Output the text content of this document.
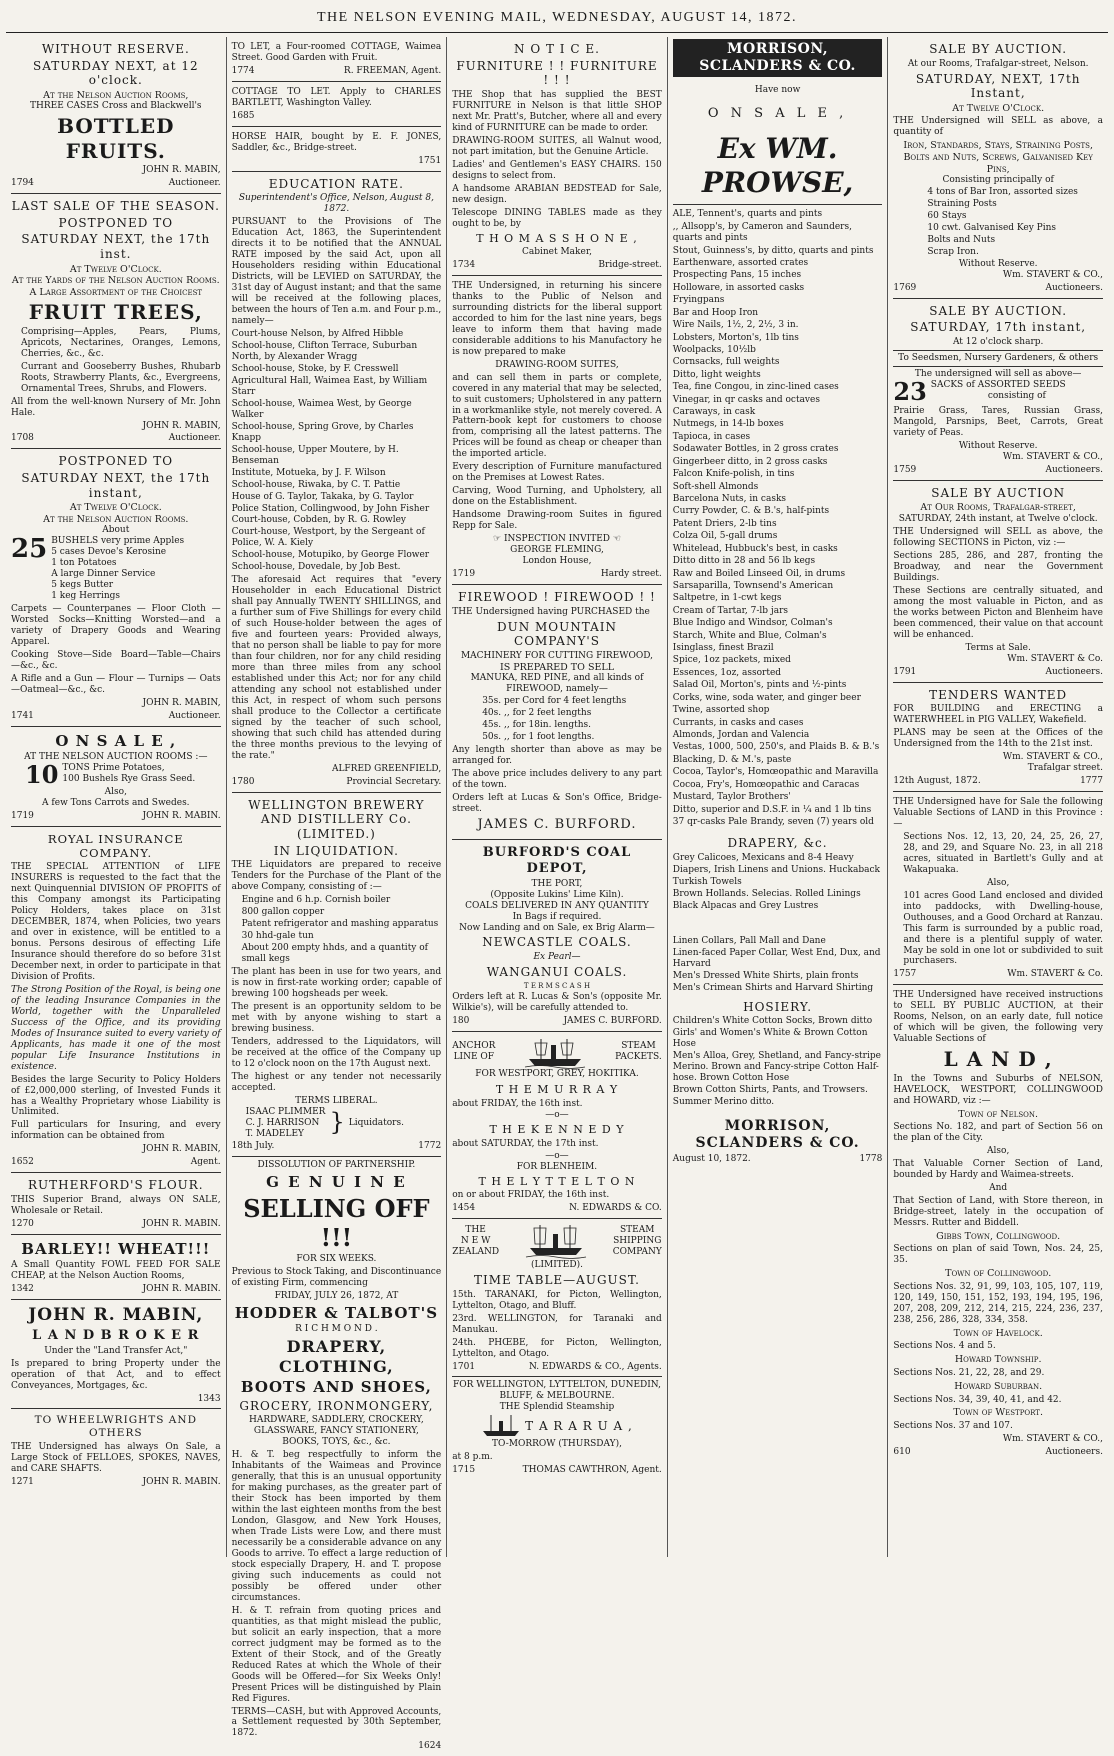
THE NELSON EVENING MAIL, WEDNESDAY, AUGUST 14, 1872.
WITHOUT RESERVE.
SATURDAY NEXT, at 12 o'clock.
At the Nelson Auction Rooms,
THREE CASES Cross and Blackwell's
BOTTLED FRUITS.
JOHN R. MABIN,
1794	Auctioneer.
LAST SALE OF THE SEASON.
POSTPONED TO
SATURDAY NEXT, the 17th inst.
At Twelve O'Clock.
At the Yards of the Nelson Auction Rooms.
A Large Assortment of the Choicest
FRUIT TREES,
Comprising—Apples, Pears, Plums, Apricots, Nectarines, Oranges, Lemons, Cherries, &c., &c.
Currant and Gooseberry Bushes, Rhubarb Roots, Strawberry Plants, &c., Evergreens, Ornamental Trees, Shrubs, and Flowers.
All from the well-known Nursery of Mr. John Hale.
JOHN R. MABIN,
1708	Auctioneer.
POSTPONED TO
SATURDAY NEXT, the 17th instant,
At Twelve O'Clock.
At the Nelson Auction Rooms.
About
25 BUSHELS very prime Apples
5 cases Devoe's Kerosine
1 ton Potatoes
A large Dinner Service
5 kegs Butter
1 keg Herrings
Carpets — Counterpanes — Floor Cloth — Worsted Socks—Knitting Worsted—and a variety of Drapery Goods and Wearing Apparel.
Cooking Stove—Side Board—Table—Chairs —&c., &c.
A Rifle and a Gun — Flour — Turnips — Oats—Oatmeal—&c., &c.
JOHN R. MABIN,
1741	Auctioneer.
O N S A L E ,
AT THE NELSON AUCTION ROOMS :—
10 TONS Prime Potatoes,
100 Bushels Rye Grass Seed.
Also,
A few Tons Carrots and Swedes.
1719	JOHN R. MABIN.
ROYAL INSURANCE COMPANY.
THE SPECIAL ATTENTION of LIFE INSURERS is requested to the fact that the next Quinquennial DIVISION OF PROFITS of this Company amongst its Participating Policy Holders, takes place on 31st DECEMBER, 1874, when Policies, two years and over in existence, will be entitled to a bonus. Persons desirous of effecting Life Insurance should therefore do so before 31st December next, in order to participate in that Division of Profits.
The Strong Position of the Royal, is being one of the leading Insurance Companies in the World, together with the Unparalleled Success of the Office, and its providing Modes of Insurance suited to every variety of Applicants, has made it one of the most popular Life Insurance Institutions in existence.
Besides the large Security to Policy Holders of £2,000,000 sterling, of Invested Funds it has a Wealthy Proprietary whose Liability is Unlimited.
Full particulars for Insuring, and every information can be obtained from
JOHN R. MABIN,
1652	Agent.
RUTHERFORD'S FLOUR.
THIS Superior Brand, always ON SALE, Wholesale or Retail.
1270	JOHN R. MABIN.
BARLEY!! WHEAT!!!
A Small Quantity FOWL FEED FOR SALE CHEAP, at the Nelson Auction Rooms,
1342	JOHN R. MABIN.
JOHN R. MABIN,
L A N D B R O K E R
Under the "Land Transfer Act,"
Is prepared to bring Property under the operation of that Act, and to effect Conveyances, Mortgages, &c.
1343
TO WHEELWRIGHTS AND OTHERS
THE Undersigned has always On Sale, a Large Stock of FELLOES, SPOKES, NAVES, and CARE SHAFTS.
1271	JOHN R. MABIN.
TO LET, a Four-roomed COTTAGE, Waimea Street. Good Garden with Fruit.
1774	R. FREEMAN, Agent.
COTTAGE TO LET. Apply to CHARLES BARTLETT, Washington Valley.
1685
HORSE HAIR, bought by E. F. JONES, Saddler, &c., Bridge-street.
1751
EDUCATION RATE.
Superintendent's Office, Nelson, August 8, 1872.
PURSUANT to the Provisions of The Education Act, 1863, the Superintendent directs it to be notified that the ANNUAL RATE imposed by the said Act, upon all Householders residing within Educational Districts, will be LEVIED on SATURDAY, the 31st day of August instant; and that the same will be received at the following places, between the hours of Ten a.m. and Four p.m., namely—
Court-house Nelson, by Alfred Hibble
School-house, Clifton Terrace, Suburban North, by Alexander Wragg
School-house, Stoke, by F. Cresswell
Agricultural Hall, Waimea East, by William Starr
School-house, Waimea West, by George Walker
School-house, Spring Grove, by Charles Knapp
School-house, Upper Moutere, by H. Benseman
Institute, Motueka, by J. F. Wilson
School-house, Riwaka, by C. T. Pattie
House of G. Taylor, Takaka, by G. Taylor
Police Station, Collingwood, by John Fisher
Court-house, Cobden, by R. G. Rowley
Court-house, Westport, by the Sergeant of Police, W. A. Kiely
School-house, Motupiko, by George Flower
School-house, Dovedale, by Job Best.
The aforesaid Act requires that "every Householder in each Educational District shall pay Annually TWENTY SHILLINGS, and a further sum of Five Shillings for every child of such House-holder between the ages of five and fourteen years: Provided always, that no person shall be liable to pay for more than four children, nor for any child residing more than three miles from any school established under this Act; nor for any child attending any school not established under this Act, in respect of whom such persons shall produce to the Collector a certificate signed by the teacher of such school, showing that such child has attended during the three months previous to the levying of the rate."
ALFRED GREENFIELD,
1780	Provincial Secretary.
WELLINGTON BREWERY AND DISTILLERY Co. (LIMITED.)
IN LIQUIDATION.
THE Liquidators are prepared to receive Tenders for the Purchase of the Plant of the above Company, consisting of :—
Engine and 6 h.p. Cornish boiler
800 gallon copper
Patent refrigerator and mashing apparatus
30 hhd-gale tun
About 200 empty hhds, and a quantity of small kegs
The plant has been in use for two years, and is now in first-rate working order; capable of brewing 100 hogsheads per week.
The present is an opportunity seldom to be met with by anyone wishing to start a brewing business.
Tenders, addressed to the Liquidators, will be received at the office of the Company up to 12 o'clock noon on the 17th August next.
The highest or any tender not necessarily accepted.
TERMS LIBERAL.
ISAAC PLIMMER
C. J. HARRISON
T. MADELEY	} Liquidators.
18th July.	1772
DISSOLUTION OF PARTNERSHIP.
G E N U I N E
SELLING OFF !!!
FOR SIX WEEKS.
Previous to Stock Taking, and Discontinuance of existing Firm, commencing
FRIDAY, JULY 26, 1872, AT
HODDER & TALBOT'S
R I C H M O N D .
DRAPERY, CLOTHING,
BOOTS AND SHOES,
GROCERY, IRONMONGERY,
HARDWARE, SADDLERY, CROCKERY,
GLASSWARE, FANCY STATIONERY,
BOOKS, TOYS, &c., &c.
H. & T. beg respectfully to inform the Inhabitants of the Waimeas and Province generally, that this is an unusual opportunity for making purchases, as the greater part of their Stock has been imported by them within the last eighteen months from the best London, Glasgow, and New York Houses, when Trade Lists were Low, and there must necessarily be a considerable advance on any Goods to arrive. To effect a large reduction of stock especially Drapery, H. and T. propose giving such inducements as could not possibly be offered under other circumstances.
H. & T. refrain from quoting prices and quantities, as that might mislead the public, but solicit an early inspection, that a more correct judgment may be formed as to the Extent of their Stock, and of the Greatly Reduced Rates at which the Whole of their Goods will be Offered—for Six Weeks Only! Present Prices will be distinguished by Plain Red Figures.
TERMS—CASH, but with Approved Accounts, a Settlement requested by 30th September, 1872.
1624
N O T I C E.
FURNITURE ! ! FURNITURE ! ! !
THE Shop that has supplied the BEST FURNITURE in Nelson is that little SHOP next Mr. Pratt's, Butcher, where all and every kind of FURNITURE can be made to order.
DRAWING-ROOM SUITES, all Walnut wood, not part imitation, but the Genuine Article.
Ladies' and Gentlemen's EASY CHAIRS. 150 designs to select from.
A handsome ARABIAN BEDSTEAD for Sale, new design.
Telescope DINING TABLES made as they ought to be, by
T H O M A S S H O N E ,
Cabinet Maker,
1734	Bridge-street.
THE Undersigned, in returning his sincere thanks to the Public of Nelson and surrounding districts for the liberal support accorded to him for the last nine years, begs leave to inform them that having made considerable additions to his Manufactory he is now prepared to make
DRAWING-ROOM SUITES,
and can sell them in parts or complete, covered in any material that may be selected, to suit customers; Upholstered in any pattern in a workmanlike style, not merely covered. A Pattern-book kept for customers to choose from, comprising all the latest patterns. The Prices will be found as cheap or cheaper than the imported article.
Every description of Furniture manufactured on the Premises at Lowest Rates.
Carving, Wood Turning, and Upholstery, all done on the Establishment.
Handsome Drawing-room Suites in figured Repp for Sale.
☞ INSPECTION INVITED ☜
GEORGE FLEMING,
London House,
1719	Hardy street.
FIREWOOD ! FIREWOOD ! !
THE Undersigned having PURCHASED the
DUN MOUNTAIN COMPANY'S
MACHINERY FOR CUTTING FIREWOOD,
IS PREPARED TO SELL
MANUKA, RED PINE, and all kinds of FIREWOOD, namely—
35s. per Cord for 4 feet lengths
40s. ,, for 2 feet lengths
45s. ,, for 18in. lengths.
50s. ,, for 1 foot lengths.
Any length shorter than above as may be arranged for.
The above price includes delivery to any part of the town.
Orders left at Lucas & Son's Office, Bridge-street.
JAMES C. BURFORD.
BURFORD'S COAL DEPOT,
THE PORT,
(Opposite Lukins' Lime Kiln).
COALS DELIVERED IN ANY QUANTITY
In Bags if required.
Now Landing and on Sale, ex Brig Alarm—
NEWCASTLE COALS.
Ex Pearl—
WANGANUI COALS.
T E R M S C A S H
Orders left at R. Lucas & Son's (opposite Mr. Wilkie's), will be carefully attended to.
180	JAMES C. BURFORD.
ANCHOR
LINE OF
STEAM
PACKETS.
FOR WESTPORT, GREY, HOKITIKA.
T H E M U R R A Y
about FRIDAY, the 16th inst.
—o—
T H E K E N N E D Y
about SATURDAY, the 17th inst.
—o—
FOR BLENHEIM.
T H E L Y T T E L T O N
on or about FRIDAY, the 16th inst.
1454	N. EDWARDS & CO.
THE
N E W
ZEALAND
STEAM
SHIPPING
COMPANY
(LIMITED).
TIME TABLE—AUGUST.
15th. TARANAKI, for Picton, Wellington, Lyttelton, Otago, and Bluff.
23rd. WELLINGTON, for Taranaki and Manukau.
24th. PHŒBE, for Picton, Wellington, Lyttelton, and Otago.
1701	N. EDWARDS & CO., Agents.
FOR WELLINGTON, LYTTELTON, DUNEDIN, BLUFF, & MELBOURNE.
THE Splendid Steamship
T A R A R U A ,
TO-MORROW (THURSDAY),
at 8 p.m.
1715	THOMAS CAWTHRON, Agent.
MORRISON, SCLANDERS & CO.
Have now
O N S A L E ,
Ex WM. PROWSE,
ALE, Tennent's, quarts and pints
,, Allsopp's, by Cameron and Saunders, quarts and pints
Stout, Guinness's, by ditto, quarts and pints
Earthenware, assorted crates
Prospecting Pans, 15 inches
Holloware, in assorted casks
Fryingpans
Bar and Hoop Iron
Wire Nails, 1½, 2, 2½, 3 in.
Lobsters, Morton's, 1lb tins
Woolpacks, 10½lb
Cornsacks, full weights
Ditto, light weights
Tea, fine Congou, in zinc-lined cases
Vinegar, in qr casks and octaves
Caraways, in cask
Nutmegs, in 14-lb boxes
Tapioca, in cases
Sodawater Bottles, in 2 gross crates
Gingerbeer ditto, in 2 gross casks
Falcon Knife-polish, in tins
Soft-shell Almonds
Barcelona Nuts, in casks
Curry Powder, C. & B.'s, half-pints
Patent Driers, 2-lb tins
Colza Oil, 5-gall drums
Whitelead, Hubbuck's best, in casks
Ditto ditto in 28 and 56 lb kegs
Raw and Boiled Linseed Oil, in drums
Sarsaparilla, Townsend's American
Saltpetre, in 1-cwt kegs
Cream of Tartar, 7-lb jars
Blue Indigo and Windsor, Colman's
Starch, White and Blue, Colman's
Isinglass, finest Brazil
Spice, 1oz packets, mixed
Essences, 1oz, assorted
Salad Oil, Morton's, pints and ½-pints
Corks, wine, soda water, and ginger beer
Twine, assorted shop
Currants, in casks and cases
Almonds, Jordan and Valencia
Vestas, 1000, 500, 250's, and Plaids B. & B.'s
Blacking, D. & M.'s, paste
Cocoa, Taylor's, Homœopathic and Maravilla
Cocoa, Fry's, Homœopathic and Caracas
Mustard, Taylor Brothers'
Ditto, superior and D.S.F. in ¼ and 1 lb tins
37 qr-casks Pale Brandy, seven (7) years old
DRAPERY, &c.
Grey Calicoes, Mexicans and 8-4 Heavy
Diapers, Irish Linens and Unions. Huckaback
Turkish Towels
Brown Hollands. Selecias. Rolled Linings
Black Alpacas and Grey Lustres
Linen Collars, Pall Mall and Dane
Linen-faced Paper Collar, West End, Dux, and Harvard
Men's Dressed White Shirts, plain fronts
Men's Crimean Shirts and Harvard Shirting
HOSIERY.
Children's White Cotton Socks, Brown ditto
Girls' and Women's White & Brown Cotton Hose
Men's Alloa, Grey, Shetland, and Fancy-stripe Merino. Brown and Fancy-stripe Cotton Half-hose. Brown Cotton Hose
Brown Cotton Shirts, Pants, and Trowsers.
Summer Merino ditto.
MORRISON, SCLANDERS & CO.
August 10, 1872.	1778
SALE BY AUCTION.
At our Rooms, Trafalgar-street, Nelson.
SATURDAY, NEXT, 17th Instant,
At Twelve O'Clock.
THE Undersigned will SELL as above, a quantity of
Iron, Standards, Stays, Straining Posts, Bolts and Nuts, Screws, Galvanised Key Pins,
Consisting principally of
4 tons of Bar Iron, assorted sizes
Straining Posts
60 Stays
10 cwt. Galvanised Key Pins
Bolts and Nuts
Scrap Iron.
Without Reserve.
Wm. STAVERT & CO.,
1769	Auctioneers.
SALE BY AUCTION.
SATURDAY, 17th instant,
At 12 o'clock sharp.
To Seedsmen, Nursery Gardeners, & others
The undersigned will sell as above—
23 SACKS of ASSORTED SEEDS
consisting of
Prairie Grass, Tares, Russian Grass, Mangold, Parsnips, Beet, Carrots, Great variety of Peas.
Without Reserve.
Wm. STAVERT & CO.,
1759	Auctioneers.
SALE BY AUCTION
At Our Rooms, Trafalgar-street,
SATURDAY, 24th instant, at Twelve o'clock.
THE Undersigned will SELL as above, the following SECTIONS in Picton, viz :—
Sections 285, 286, and 287, fronting the Broadway, and near the Government Buildings.
These Sections are centrally situated, and among the most valuable in Picton, and as the works between Picton and Blenheim have been commenced, their value on that account will be enhanced.
Terms at Sale.
Wm. STAVERT & Co.
1791	Auctioneers.
TENDERS WANTED
FOR BUILDING and ERECTING a WATERWHEEL in PIG VALLEY, Wakefield.
PLANS may be seen at the Offices of the Undersigned from the 14th to the 21st inst.
Wm. STAVERT & CO.,
Trafalgar street.
12th August, 1872.	1777
THE Undersigned have for Sale the following Valuable Sections of LAND in this Province :—
Sections Nos. 12, 13, 20, 24, 25, 26, 27, 28, and 29, and Square No. 23, in all 218 acres, situated in Bartlett's Gully and at Wakapuaka.
Also,
101 acres Good Land enclosed and divided into paddocks, with Dwelling-house, Outhouses, and a Good Orchard at Ranzau. This farm is surrounded by a public road, and there is a plentiful supply of water. May be sold in one lot or subdivided to suit purchasers.
1757	Wm. STAVERT & Co.
THE Undersigned have received instructions to SELL BY PUBLIC AUCTION, at their Rooms, Nelson, on an early date, full notice of which will be given, the following very Valuable Sections of
L A N D ,
In the Towns and Suburbs of NELSON, HAVELOCK, WESTPORT, COLLINGWOOD and HOWARD, viz :—
Town of Nelson.
Sections No. 182, and part of Section 56 on the plan of the City.
Also,
That Valuable Corner Section of Land, bounded by Hardy and Waimea-streets.
And
That Section of Land, with Store thereon, in Bridge-street, lately in the occupation of Messrs. Rutter and Biddell.
Gibbs Town, Collingwood.
Sections on plan of said Town, Nos. 24, 25, 35.
Town of Collingwood.
Sections Nos. 32, 91, 99, 103, 105, 107, 119, 120, 149, 150, 151, 152, 193, 194, 195, 196, 207, 208, 209, 212, 214, 215, 224, 236, 237, 238, 256, 286, 328, 334, 358.
Town of Havelock.
Sections Nos. 4 and 5.
Howard Township.
Sections Nos. 21, 22, 28, and 29.
Howard Suburban.
Sections Nos. 34, 39, 40, 41, and 42.
Town of Westport.
Sections Nos. 37 and 107.
Wm. STAVERT & CO.,
610	Auctioneers.
